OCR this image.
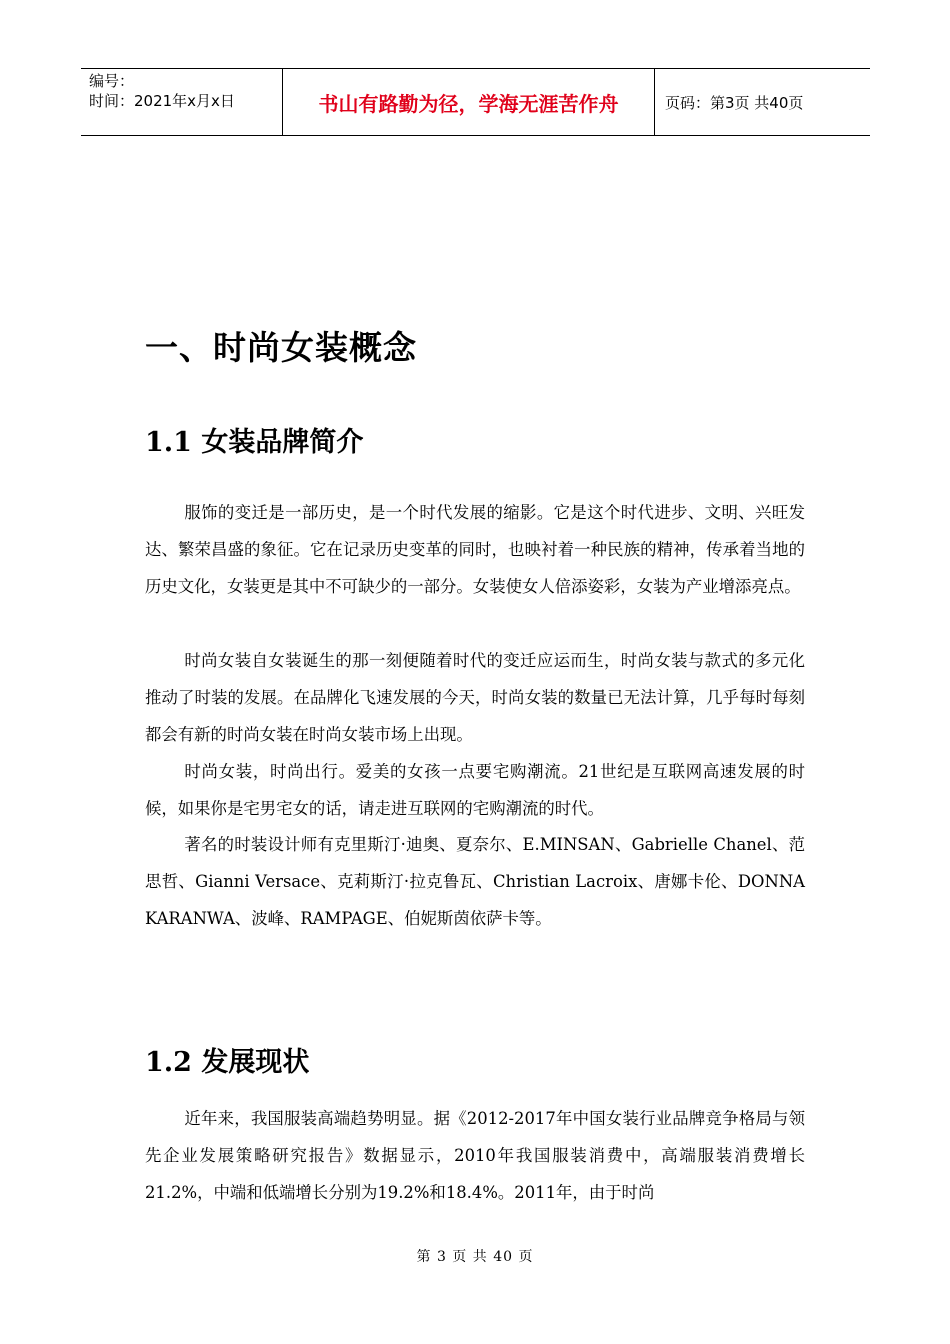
编号：
时间：2021年x月x日	书山有路勤为径，学海无涯苦作舟	页码：第3页 共40页
一、时尚女装概念
1.1 女装品牌简介

服饰的变迁是一部历史，是一个时代发展的缩影。它是这个时代进步、文明、兴旺发达、繁荣昌盛的象征。它在记录历史变革的同时，也映衬着一种民族的精神，传承着当地的历史文化，女装更是其中不可缺少的一部分。女装使女人倍添姿彩，女装为产业增添亮点。

时尚女装自女装诞生的那一刻便随着时代的变迁应运而生，时尚女装与款式的多元化推动了时装的发展。在品牌化飞速发展的今天，时尚女装的数量已无法计算，几乎每时每刻都会有新的时尚女装在时尚女装市场上出现。

时尚女装，时尚出行。爱美的女孩一点要宅购潮流。21世纪是互联网高速发展的时候，如果你是宅男宅女的话，请走进互联网的宅购潮流的时代。

著名的时装设计师有克里斯汀·迪奥、夏奈尔、E.MINSAN、Gabrielle Chanel、范思哲、Gianni Versace、克莉斯汀·拉克鲁瓦、Christian Lacroix、唐娜卡伦、DONNA KARANWA、波峰、RAMPAGE、伯妮斯茵依萨卡等。

1.2 发展现状

近年来，我国服装高端趋势明显。据《2012-2017年中国女装行业品牌竞争格局与领先企业发展策略研究报告》数据显示，2010年我国服装消费中，高端服装消费增长21.2%，中端和低端增长分别为19.2%和18.4%。2011年，由于时尚

第 3 页 共 40 页
